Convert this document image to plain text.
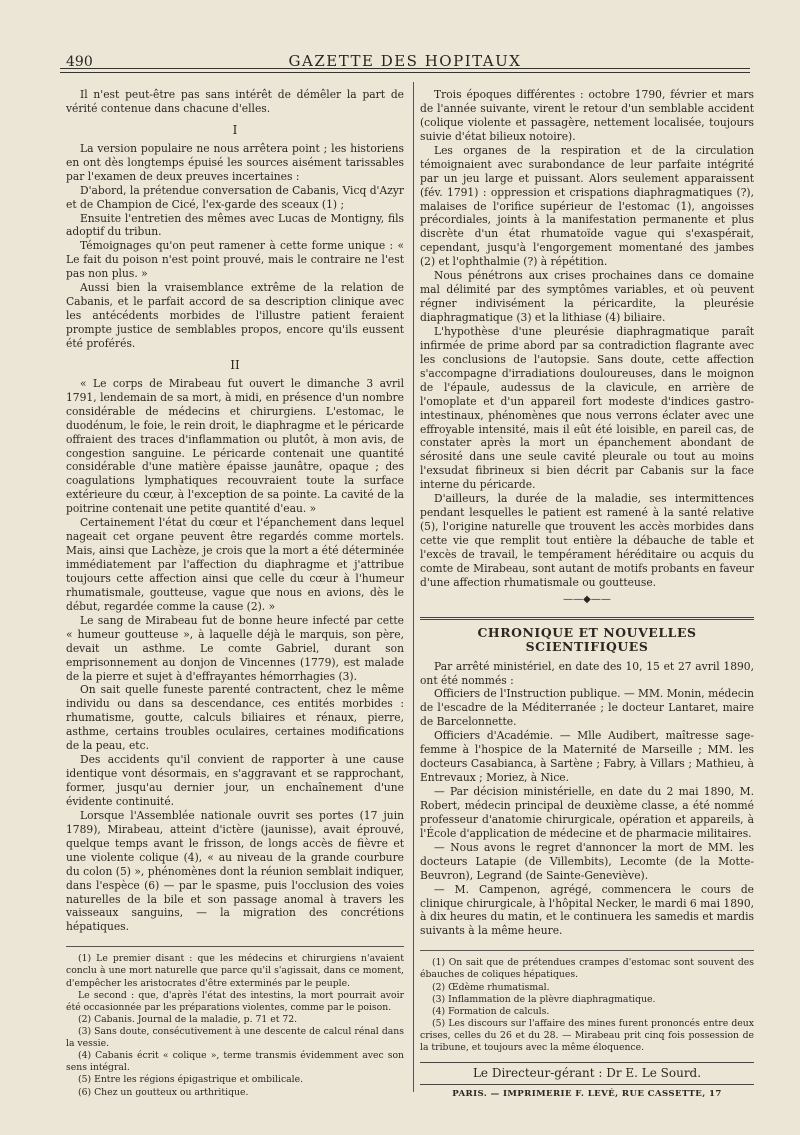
490	GAZETTE DES HOPITAUX

Il n'est peut-être pas sans intérêt de démêler la part de vérité contenue dans chacune d'elles.

I

La version populaire ne nous arrêtera point ; les historiens en ont dès longtemps épuisé les sources aisément tarissables par l'examen de deux preuves incertaines :

D'abord, la prétendue conversation de Cabanis, Vicq d'Azyr et de Champion de Cicé, l'ex-garde des sceaux (1) ;

Ensuite l'entretien des mêmes avec Lucas de Montigny, fils adoptif du tribun.

Témoignages qu'on peut ramener à cette forme unique : « Le fait du poison n'est point prouvé, mais le contraire ne l'est pas non plus. »

Aussi bien la vraisemblance extrême de la relation de Cabanis, et le parfait accord de sa description clinique avec les antécédents morbides de l'illustre patient feraient prompte justice de semblables propos, encore qu'ils eussent été proférés.

II

« Le corps de Mirabeau fut ouvert le dimanche 3 avril 1791, lendemain de sa mort, à midi, en présence d'un nombre considérable de médecins et chirurgiens. L'estomac, le duodénum, le foie, le rein droit, le diaphragme et le péricarde offraient des traces d'inflammation ou plutôt, à mon avis, de congestion sanguine. Le péricarde contenait une quantité considérable d'une matière épaisse jaunâtre, opaque ; des coagulations lymphatiques recouvraient toute la surface extérieure du cœur, à l'exception de sa pointe. La cavité de la poitrine contenait une petite quantité d'eau. »

Certainement l'état du cœur et l'épanchement dans lequel nageait cet organe peuvent être regardés comme mortels. Mais, ainsi que Lachèze, je crois que la mort a été déterminée immédiatement par l'affection du diaphragme et j'attribue toujours cette affection ainsi que celle du cœur à l'humeur rhumatismale, goutteuse, vague que nous en avions, dès le début, regardée comme la cause (2). »

Le sang de Mirabeau fut de bonne heure infecté par cette « humeur goutteuse », à laquelle déjà le marquis, son père, devait un asthme. Le comte Gabriel, durant son emprisonnement au donjon de Vincennes (1779), est malade de la pierre et sujet à d'effrayantes hémorrhagies (3).

On sait quelle funeste parenté contractent, chez le même individu ou dans sa descendance, ces entités morbides : rhumatisme, goutte, calculs biliaires et rénaux, pierre, asthme, certains troubles oculaires, certaines modifications de la peau, etc.

Des accidents qu'il convient de rapporter à une cause identique vont désormais, en s'aggravant et se rapprochant, former, jusqu'au dernier jour, un enchaînement d'une évidente continuité.

Lorsque l'Assemblée nationale ouvrit ses portes (17 juin 1789), Mirabeau, atteint d'ictère (jaunisse), avait éprouvé, quelque temps avant le frisson, de longs accès de fièvre et une violente colique (4), « au niveau de la grande courbure du colon (5) », phénomènes dont la réunion semblait indiquer, dans l'espèce (6) — par le spasme, puis l'occlusion des voies naturelles de la bile et son passage anomal à travers les vaisseaux sanguins, — la migration des concrétions hépatiques.

(1) Le premier disant : que les médecins et chirurgiens n'avaient conclu à une mort naturelle que parce qu'il s'agissait, dans ce moment, d'empêcher les aristocrates d'être exterminés par le peuple.

Le second : que, d'après l'état des intestins, la mort pourrait avoir été occasionnée par les préparations violentes, comme par le poison.

(2) Cabanis. Journal de la maladie, p. 71 et 72.

(3) Sans doute, consécutivement à une descente de calcul rénal dans la vessie.

(4) Cabanis écrit « colique », terme transmis évidemment avec son sens intégral.

(5) Entre les régions épigastrique et ombilicale.

(6) Chez un goutteux ou arthritique.

Trois époques différentes : octobre 1790, février et mars de l'année suivante, virent le retour d'un semblable accident (colique violente et passagère, nettement localisée, toujours suivie d'état bilieux notoire).

Les organes de la respiration et de la circulation témoignaient avec surabondance de leur parfaite intégrité par un jeu large et puissant. Alors seulement apparaissent (fév. 1791) : oppression et crispations diaphragmatiques (?), malaises de l'orifice supérieur de l'estomac (1), angoisses précordiales, joints à la manifestation permanente et plus discrète d'un état rhumatoïde vague qui s'exaspérait, cependant, jusqu'à l'engorgement momentané des jambes (2) et l'ophthalmie (?) à répétition.

Nous pénétrons aux crises prochaines dans ce domaine mal délimité par des symptômes variables, et où peuvent régner indivisément la péricardite, la pleurésie diaphragmatique (3) et la lithiase (4) biliaire.

L'hypothèse d'une pleurésie diaphragmatique paraît infirmée de prime abord par sa contradiction flagrante avec les conclusions de l'autopsie. Sans doute, cette affection s'accompagne d'irradiations douloureuses, dans le moignon de l'épaule, audessus de la clavicule, en arrière de l'omoplate et d'un appareil fort modeste d'indices gastro-intestinaux, phénomènes que nous verrons éclater avec une effroyable intensité, mais il eût été loisible, en pareil cas, de constater après la mort un épanchement abondant de sérosité dans une seule cavité pleurale ou tout au moins l'exsudat fibrineux si bien décrit par Cabanis sur la face interne du péricarde.

D'ailleurs, la durée de la maladie, ses intermittences pendant lesquelles le patient est ramené à la santé relative (5), l'origine naturelle que trouvent les accès morbides dans cette vie que remplit tout entière la débauche de table et l'excès de travail, le tempérament héréditaire ou acquis du comte de Mirabeau, sont autant de motifs probants en faveur d'une affection rhumatismale ou goutteuse.

——◆——

CHRONIQUE ET NOUVELLES SCIENTIFIQUES

Par arrêté ministériel, en date des 10, 15 et 27 avril 1890, ont été nommés :

Officiers de l'Instruction publique. — MM. Monin, médecin de l'escadre de la Méditerranée ; le docteur Lantaret, maire de Barcelonnette.

Officiers d'Académie. — Mlle Audibert, maîtresse sage-femme à l'hospice de la Maternité de Marseille ; MM. les docteurs Casabianca, à Sartène ; Fabry, à Villars ; Mathieu, à Entrevaux ; Moriez, à Nice.

— Par décision ministérielle, en date du 2 mai 1890, M. Robert, médecin principal de deuxième classe, a été nommé professeur d'anatomie chirurgicale, opération et appareils, à l'École d'application de médecine et de pharmacie militaires.

— Nous avons le regret d'annoncer la mort de MM. les docteurs Latapie (de Villembits), Lecomte (de la Motte-Beuvron), Legrand (de Sainte-Geneviève).

— M. Campenon, agrégé, commencera le cours de clinique chirurgicale, à l'hôpital Necker, le mardi 6 mai 1890, à dix heures du matin, et le continuera les samedis et mardis suivants à la même heure.

(1) On sait que de prétendues crampes d'estomac sont souvent des ébauches de coliques hépatiques.

(2) Œdème rhumatismal.

(3) Inflammation de la plèvre diaphragmatique.

(4) Formation de calculs.

(5) Les discours sur l'affaire des mines furent prononcés entre deux crises, celles du 26 et du 28. — Mirabeau prit cinq fois possession de la tribune, et toujours avec la même éloquence.

Le Directeur-gérant : Dr E. Le Sourd.

PARIS. — IMPRIMERIE F. LEVÉ, RUE CASSETTE, 17
